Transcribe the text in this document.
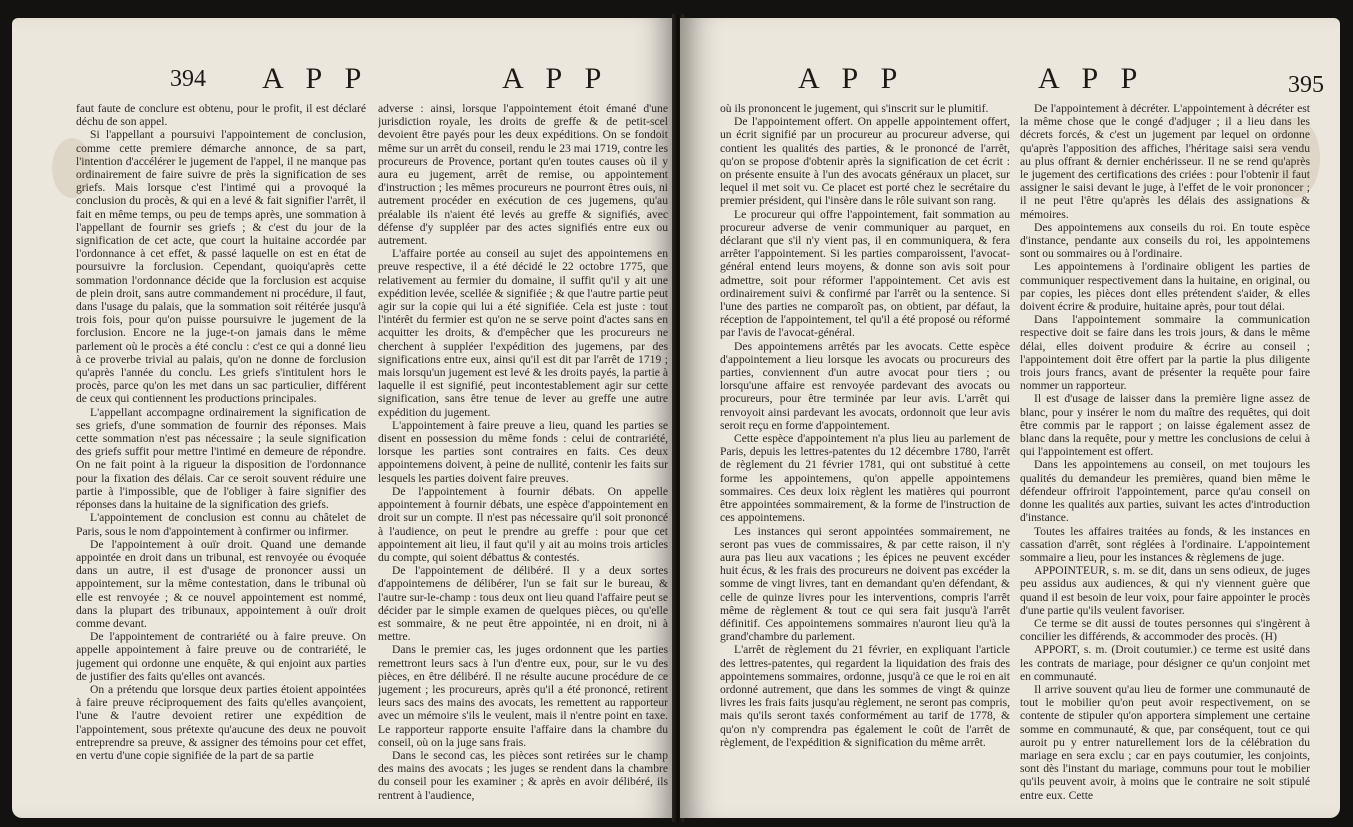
394 A P P	A P P

faut faute de conclure est obtenu, pour le profit, il est déclaré déchu de son appel.

Si l'appellant a poursuivi l'appointement de conclusion, comme cette premiere démarche annonce, de sa part, l'intention d'accélérer le jugement de l'appel, il ne manque pas ordinairement de faire suivre de près la signification de ses griefs. Mais lorsque c'est l'intimé qui a provoqué la conclusion du procès, & qui en a levé & fait signifier l'arrêt, il fait en même temps, ou peu de temps après, une sommation à l'appellant de fournir ses griefs ; & c'est du jour de la signification de cet acte, que court la huitaine accordée par l'ordonnance à cet effet, & passé laquelle on est en état de poursuivre la forclusion. Cependant, quoiqu'après cette sommation l'ordonnance décide que la forclusion est acquise de plein droit, sans autre commandement ni procédure, il faut, dans l'usage du palais, que la sommation soit réitérée jusqu'à trois fois, pour qu'on puisse poursuivre le jugement de la forclusion. Encore ne la juge-t-on jamais dans le même parlement où le procès a été conclu : c'est ce qui a donné lieu à ce proverbe trivial au palais, qu'on ne donne de forclusion qu'après l'année du conclu. Les griefs s'intitulent hors le procès, parce qu'on les met dans un sac particulier, différent de ceux qui contiennent les productions principales.

L'appellant accompagne ordinairement la signification de ses griefs, d'une sommation de fournir des réponses. Mais cette sommation n'est pas nécessaire ; la seule signification des griefs suffit pour mettre l'intimé en demeure de répondre. On ne fait point à la rigueur la disposition de l'ordonnance pour la fixation des délais. Car ce seroit souvent réduire une partie à l'impossible, que de l'obliger à faire signifier des réponses dans la huitaine de la signification des griefs.

L'appointement de conclusion est connu au châtelet de Paris, sous le nom d'appointement à confirmer ou infirmer.

De l'appointement à ouïr droit. Quand une demande appointée en droit dans un tribunal, est renvoyée ou évoquée dans un autre, il est d'usage de prononcer aussi un appointement, sur la même contestation, dans le tribunal où elle est renvoyée ; & ce nouvel appointement est nommé, dans la plupart des tribunaux, appointement à ouïr droit comme devant.

De l'appointement de contrariété ou à faire preuve. On appelle appointement à faire preuve ou de contrariété, le jugement qui ordonne une enquête, & qui enjoint aux parties de justifier des faits qu'elles ont avancés.

On a prétendu que lorsque deux parties étoient appointées à faire preuve réciproquement des faits qu'elles avançoient, l'une & l'autre devoient retirer une expédition de l'appointement, sous prétexte qu'aucune des deux ne pouvoit entreprendre sa preuve, & assigner des témoins pour cet effet, en vertu d'une copie signifiée de la part de sa partie

adverse : ainsi, lorsque l'appointement étoit émané d'une jurisdiction royale, les droits de greffe & de petit-scel devoient être payés pour les deux expéditions. On se fondoit même sur un arrêt du conseil, rendu le 23 mai 1719, contre les procureurs de Provence, portant qu'en toutes causes où il y aura eu jugement, arrêt de remise, ou appointement d'instruction ; les mêmes procureurs ne pourront êtres ouis, ni autrement procéder en exécution de ces jugemens, qu'au préalable ils n'aient été levés au greffe & signifiés, avec défense d'y suppléer par des actes signifiés entre eux ou autrement.

L'affaire portée au conseil au sujet des appointemens en preuve respective, il a été décidé le 22 octobre 1775, que relativement au fermier du domaine, il suffit qu'il y ait une expédition levée, scellée & signifiée ; & que l'autre partie peut agir sur la copie qui lui a été signifiée. Cela est juste : tout l'intérêt du fermier est qu'on ne se serve point d'actes sans en acquitter les droits, & d'empêcher que les procureurs ne cherchent à suppléer l'expédition des jugemens, par des significations entre eux, ainsi qu'il est dit par l'arrêt de 1719 ; mais lorsqu'un jugement est levé & les droits payés, la partie à laquelle il est signifié, peut incontestablement agir sur cette signification, sans être tenue de lever au greffe une autre expédition du jugement.

L'appointement à faire preuve a lieu, quand les parties se disent en possession du même fonds : celui de contrariété, lorsque les parties sont contraires en faits. Ces deux appointemens doivent, à peine de nullité, contenir les faits sur lesquels les parties doivent faire preuves.

De l'appointement à fournir débats. On appelle appointement à fournir débats, une espèce d'appointement en droit sur un compte. Il n'est pas nécessaire qu'il soit prononcé à l'audience, on peut le prendre au greffe : pour que cet appointement ait lieu, il faut qu'il y ait au moins trois articles du compte, qui soient débattus & contestés.

De l'appointement de délibéré. Il y a deux sortes d'appointemens de délibérer, l'un se fait sur le bureau, & l'autre sur-le-champ : tous deux ont lieu quand l'affaire peut se décider par le simple examen de quelques pièces, ou qu'elle est sommaire, & ne peut être appointée, ni en droit, ni à mettre.

Dans le premier cas, les juges ordonnent que les parties remettront leurs sacs à l'un d'entre eux, pour, sur le vu des pièces, en être délibéré. Il ne résulte aucune procédure de ce jugement ; les procureurs, après qu'il a été prononcé, retirent leurs sacs des mains des avocats, les remettent au rapporteur avec un mémoire s'ils le veulent, mais il n'entre point en taxe. Le rapporteur rapporte ensuite l'affaire dans la chambre du conseil, où on la juge sans frais.

Dans le second cas, les pièces sont retirées sur le champ des mains des avocats ; les juges se rendent dans la chambre du conseil pour les examiner ; & après en avoir délibéré, ils rentrent à l'audience,

A P P	A P P	395

où ils prononcent le jugement, qui s'inscrit sur le plumitif.

De l'appointement offert. On appelle appointement offert, un écrit signifié par un procureur au procureur adverse, qui contient les qualités des parties, & le prononcé de l'arrêt, qu'on se propose d'obtenir après la signification de cet écrit : on présente ensuite à l'un des avocats généraux un placet, sur lequel il met soit vu. Ce placet est porté chez le secrétaire du premier président, qui l'insère dans le rôle suivant son rang.

Le procureur qui offre l'appointement, fait sommation au procureur adverse de venir communiquer au parquet, en déclarant que s'il n'y vient pas, il en communiquera, & fera arrêter l'appointement. Si les parties comparoissent, l'avocat-général entend leurs moyens, & donne son avis soit pour admettre, soit pour réformer l'appointement. Cet avis est ordinairement suivi & confirmé par l'arrêt ou la sentence. Si l'une des parties ne comparoît pas, on obtient, par défaut, la réception de l'appointement, tel qu'il a été proposé ou réformé par l'avis de l'avocat-général.

Des appointemens arrêtés par les avocats. Cette espèce d'appointement a lieu lorsque les avocats ou procureurs des parties, conviennent d'un autre avocat pour tiers ; ou lorsqu'une affaire est renvoyée pardevant des avocats ou procureurs, pour être terminée par leur avis. L'arrêt qui renvoyoit ainsi pardevant les avocats, ordonnoit que leur avis seroit reçu en forme d'appointement.

Cette espèce d'appointement n'a plus lieu au parlement de Paris, depuis les lettres-patentes du 12 décembre 1780, l'arrêt de règlement du 21 février 1781, qui ont substitué à cette forme les appointemens, qu'on appelle appointemens sommaires. Ces deux loix règlent les matières qui pourront être appointées sommairement, & la forme de l'instruction de ces appointemens.

Les instances qui seront appointées sommairement, ne seront pas vues de commissaires, & par cette raison, il n'y aura pas lieu aux vacations ; les épices ne peuvent excéder huit écus, & les frais des procureurs ne doivent pas excéder la somme de vingt livres, tant en demandant qu'en défendant, & celle de quinze livres pour les interventions, compris l'arrêt même de règlement & tout ce qui sera fait jusqu'à l'arrêt définitif. Ces appointemens sommaires n'auront lieu qu'à la grand'chambre du parlement.

L'arrêt de règlement du 21 février, en expliquant l'article des lettres-patentes, qui regardent la liquidation des frais des appointemens sommaires, ordonne, jusqu'à ce que le roi en ait ordonné autrement, que dans les sommes de vingt & quinze livres les frais faits jusqu'au règlement, ne seront pas compris, mais qu'ils seront taxés conformément au tarif de 1778, & qu'on n'y comprendra pas également le coût de l'arrêt de règlement, de l'expédition & signification du même arrêt.

De l'appointement à décréter. L'appointement à décréter est la même chose que le congé d'adjuger ; il a lieu dans les décrets forcés, & c'est un jugement par lequel on ordonne qu'après l'apposition des affiches, l'héritage saisi sera vendu au plus offrant & dernier enchérisseur. Il ne se rend qu'après le jugement des certifications des criées : pour l'obtenir il faut assigner le saisi devant le juge, à l'effet de le voir prononcer ; il ne peut l'être qu'après les délais des assignations & mémoires.

Des appointemens aux conseils du roi. En toute espèce d'instance, pendante aux conseils du roi, les appointemens sont ou sommaires ou à l'ordinaire.

Les appointemens à l'ordinaire obligent les parties de communiquer respectivement dans la huitaine, en original, ou par copies, les pièces dont elles prétendent s'aider, & elles doivent écrire & produire, huitaine après, pour tout délai.

Dans l'appointement sommaire la communication respective doit se faire dans les trois jours, & dans le même délai, elles doivent produire & écrire au conseil ; l'appointement doit être offert par la partie la plus diligente trois jours francs, avant de présenter la requête pour faire nommer un rapporteur.

Il est d'usage de laisser dans la première ligne assez de blanc, pour y insérer le nom du maître des requêtes, qui doit être commis par le rapport ; on laisse également assez de blanc dans la requête, pour y mettre les conclusions de celui à qui l'appointement est offert.

Dans les appointemens au conseil, on met toujours les qualités du demandeur les premières, quand bien même le défendeur offriroit l'appointement, parce qu'au conseil on donne les qualités aux parties, suivant les actes d'introduction d'instance.

Toutes les affaires traitées au fonds, & les instances en cassation d'arrêt, sont réglées à l'ordinaire. L'appointement sommaire a lieu, pour les instances & règlemens de juge.

APPOINTEUR, s. m. se dit, dans un sens odieux, de juges peu assidus aux audiences, & qui n'y viennent guère que quand il est besoin de leur voix, pour faire appointer le procès d'une partie qu'ils veulent favoriser.

Ce terme se dit aussi de toutes personnes qui s'ingèrent à concilier les différends, & accommoder des procès. (H)

APPORT, s. m. (Droit coutumier.) ce terme est usité dans les contrats de mariage, pour désigner ce qu'un conjoint met en communauté.

Il arrive souvent qu'au lieu de former une communauté de tout le mobilier qu'on peut avoir respectivement, on se contente de stipuler qu'on apportera simplement une certaine somme en communauté, & que, par conséquent, tout ce qui auroit pu y entrer naturellement lors de la célébration du mariage en sera exclu ; car en pays coutumier, les conjoints, sont dès l'instant du mariage, communs pour tout le mobilier qu'ils peuvent avoir, à moins que le contraire ne soit stipulé entre eux. Cette
